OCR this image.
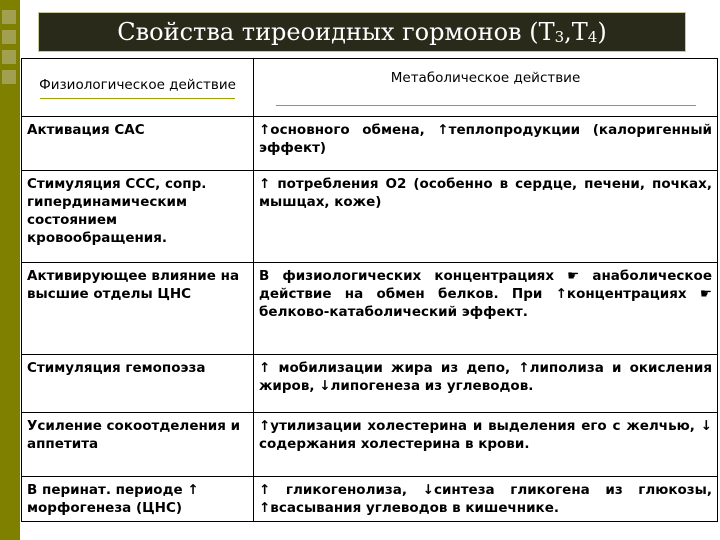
Свойства тиреоидных гормонов $(Т_3,Т_4)$
Физиологическое действие	Метаболическое действие

Активация САС	↑основного обмена, ↑теплопродукции (калоригенный эффект)
Стимуляция ССС, сопр. гипердинамическим состоянием кровообращения.	↑ потребления О2 (особенно в сердце, печени, почках, мышцах, коже)
Активирующее влияние на высшие отделы ЦНС	В физиологических концентрациях ☛ анаболическое действие на обмен белков. При ↑концентрациях ☛ белково-катаболический эффект.
Стимуляция гемопоэза	↑ мобилизации жира из депо, ↑липолиза и окисления жиров, ↓липогенеза из углеводов.
Усиление сокоотделения и аппетита	↑утилизации холестерина и выделения его с желчью, ↓ содержания холестерина в крови.
В перинат. периоде ↑ морфогенеза (ЦНС)	↑ гликогенолиза, ↓синтеза гликогена из глюкозы, ↑всасывания углеводов в кишечнике.
